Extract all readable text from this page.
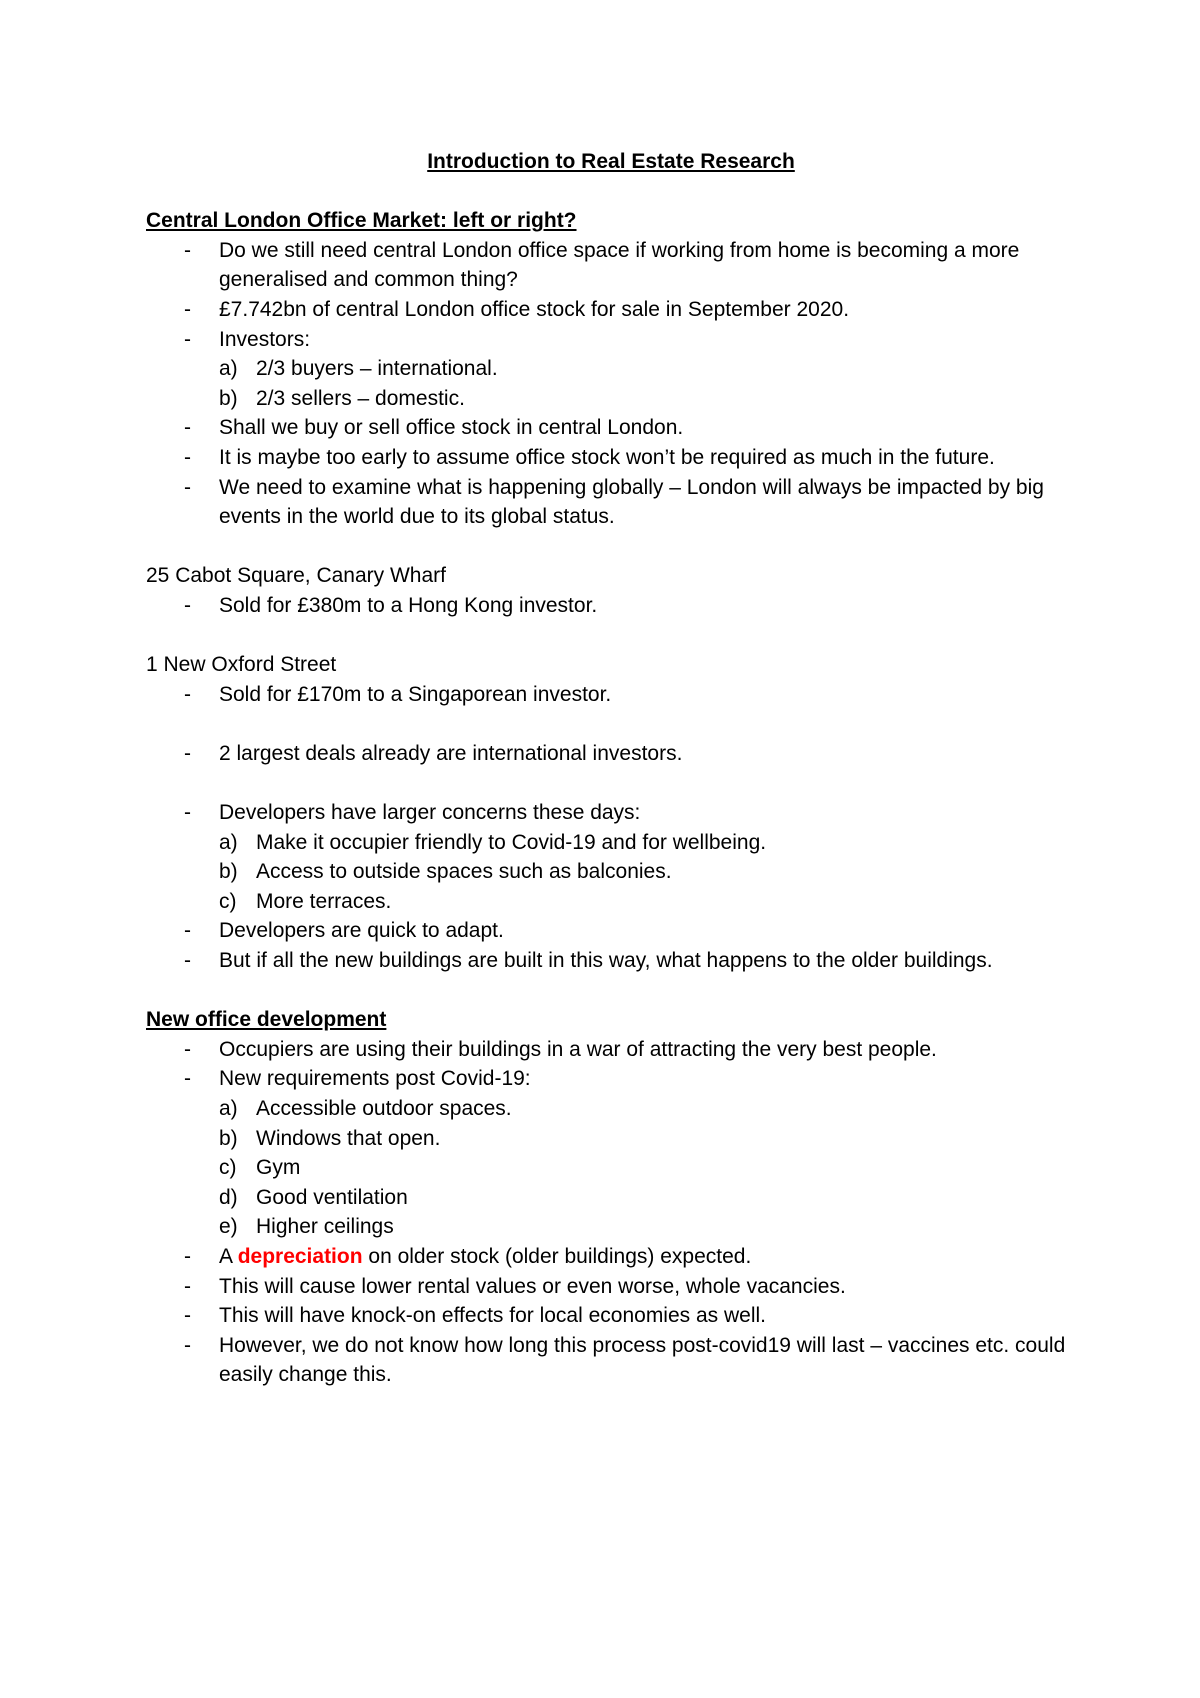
Introduction to Real Estate Research

Central London Office Market: left or right?

- Do we still need central London office space if working from home is becoming a more generalised and common thing?
- £7.742bn of central London office stock for sale in September 2020.
- Investors:
a) 2/3 buyers – international.
b) 2/3 sellers – domestic.
- Shall we buy or sell office stock in central London.
- It is maybe too early to assume office stock won’t be required as much in the future.
- We need to examine what is happening globally – London will always be impacted by big events in the world due to its global status.

25 Cabot Square, Canary Wharf

- Sold for £380m to a Hong Kong investor.

1 New Oxford Street

- Sold for £170m to a Singaporean investor.
- 2 largest deals already are international investors.
- Developers have larger concerns these days:
a) Make it occupier friendly to Covid-19 and for wellbeing.
b) Access to outside spaces such as balconies.
c) More terraces.
- Developers are quick to adapt.
- But if all the new buildings are built in this way, what happens to the older buildings.

New office development

- Occupiers are using their buildings in a war of attracting the very best people.
- New requirements post Covid-19:
a) Accessible outdoor spaces.
b) Windows that open.
c) Gym
d) Good ventilation
e) Higher ceilings
- A depreciation on older stock (older buildings) expected.
- This will cause lower rental values or even worse, whole vacancies.
- This will have knock-on effects for local economies as well.
- However, we do not know how long this process post-covid19 will last – vaccines etc. could easily change this.
